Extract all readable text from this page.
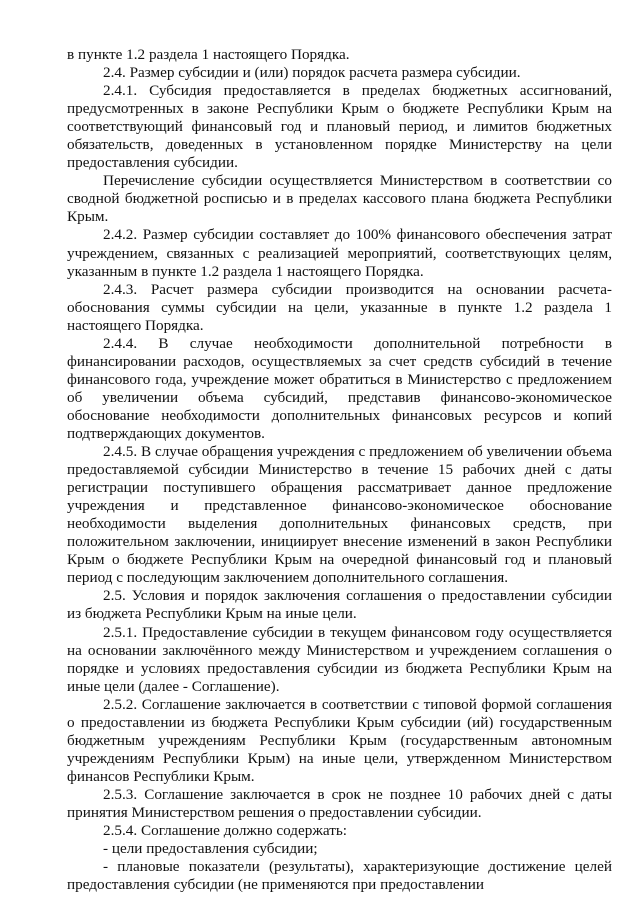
в пункте 1.2 раздела 1 настоящего Порядка.

2.4. Размер субсидии и (или) порядок расчета размера субсидии.

2.4.1. Субсидия предоставляется в пределах бюджетных ассигнований, предусмотренных в законе Республики Крым о бюджете Республики Крым на соответствующий финансовый год и плановый период, и лимитов бюджетных обязательств, доведенных в установленном порядке Министерству на цели предоставления субсидии.

Перечисление субсидии осуществляется Министерством в соответствии со сводной бюджетной росписью и в пределах кассового плана бюджета Республики Крым.

2.4.2. Размер субсидии составляет до 100% финансового обеспечения затрат учреждением, связанных с реализацией мероприятий, соответствующих целям, указанным в пункте 1.2 раздела 1 настоящего Порядка.

2.4.3. Расчет размера субсидии производится на основании расчета-обоснования суммы субсидии на цели, указанные в пункте 1.2 раздела 1 настоящего Порядка.

2.4.4. В случае необходимости дополнительной потребности в финансировании расходов, осуществляемых за счет средств субсидий в течение финансового года, учреждение может обратиться в Министерство с предложением об увеличении объема субсидий, представив финансово-экономическое обоснование необходимости дополнительных финансовых ресурсов и копий подтверждающих документов.

2.4.5. В случае обращения учреждения с предложением об увеличении объема предоставляемой субсидии Министерство в течение 15 рабочих дней с даты регистрации поступившего обращения рассматривает данное предложение учреждения и представленное финансово-экономическое обоснование необходимости выделения дополнительных финансовых средств, при положительном заключении, инициирует внесение изменений в закон Республики Крым о бюджете Республики Крым на очередной финансовый год и плановый период с последующим заключением дополнительного соглашения.

2.5. Условия и порядок заключения соглашения о предоставлении субсидии из бюджета Республики Крым на иные цели.

2.5.1. Предоставление субсидии в текущем финансовом году осуществляется на основании заключённого между Министерством и учреждением соглашения о порядке и условиях предоставления субсидии из бюджета Республики Крым на иные цели (далее - Соглашение).

2.5.2. Соглашение заключается в соответствии с типовой формой соглашения о предоставлении из бюджета Республики Крым субсидии (ий) государственным бюджетным учреждениям Республики Крым (государственным автономным учреждениям Республики Крым) на иные цели, утвержденном Министерством финансов Республики Крым.

2.5.3. Соглашение заключается в срок не позднее 10 рабочих дней с даты принятия Министерством решения о предоставлении субсидии.

2.5.4. Соглашение должно содержать:

- цели предоставления субсидии;

- плановые показатели (результаты), характеризующие достижение целей предоставления субсидии (не применяются при предоставлении
